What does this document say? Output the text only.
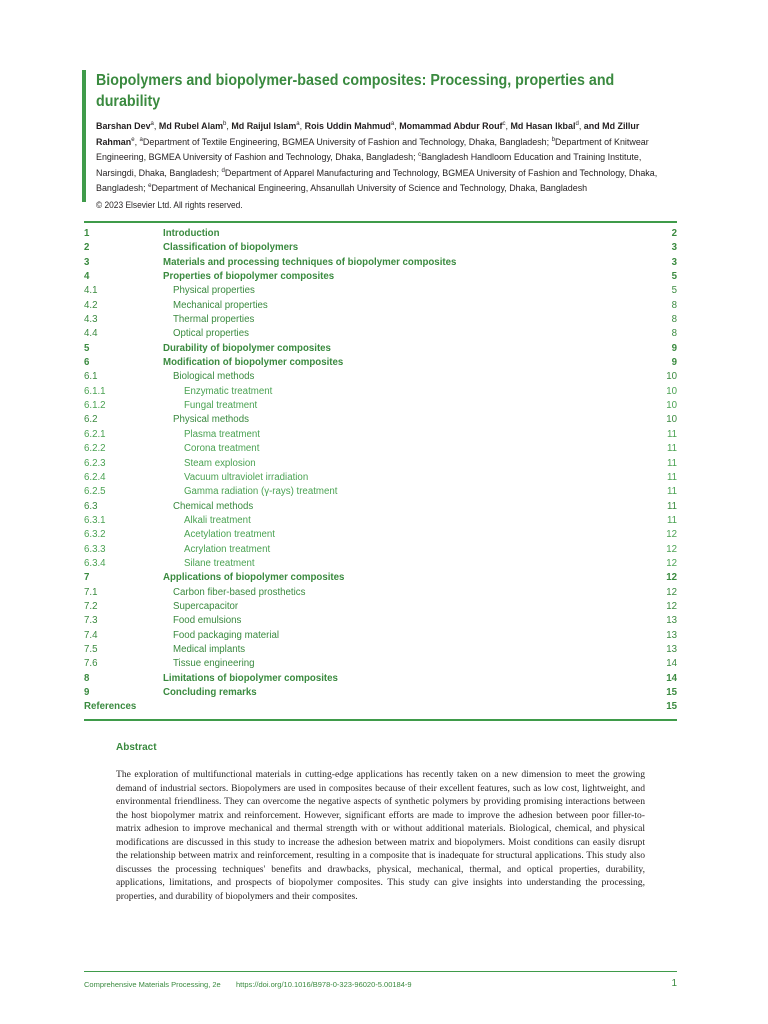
Biopolymers and biopolymer-based composites: Processing, properties and durability
Barshan Dev$^a$, Md Rubel Alam$^b$, Md Raijul Islam$^a$, Rois Uddin Mahmud$^a$, Momammad Abdur Rouf$^c$, Md Hasan Ikbal$^d$, and Md Zillur Rahman$^e$, $^a$Department of Textile Engineering, BGMEA University of Fashion and Technology, Dhaka, Bangladesh; $^b$Department of Knitwear Engineering, BGMEA University of Fashion and Technology, Dhaka, Bangladesh; $^c$Bangladesh Handloom Education and Training Institute, Narsingdi, Dhaka, Bangladesh; $^d$Department of Apparel Manufacturing and Technology, BGMEA University of Fashion and Technology, Dhaka, Bangladesh; $^e$Department of Mechanical Engineering, Ahsanullah University of Science and Technology, Dhaka, Bangladesh
© 2023 Elsevier Ltd. All rights reserved.
1	Introduction	2
2	Classification of biopolymers	3
3	Materials and processing techniques of biopolymer composites	3
4	Properties of biopolymer composites	5
4.1	Physical properties	5
4.2	Mechanical properties	8
4.3	Thermal properties	8
4.4	Optical properties	8
5	Durability of biopolymer composites	9
6	Modification of biopolymer composites	9
6.1	Biological methods	10
6.1.1	Enzymatic treatment	10
6.1.2	Fungal treatment	10
6.2	Physical methods	10
6.2.1	Plasma treatment	11
6.2.2	Corona treatment	11
6.2.3	Steam explosion	11
6.2.4	Vacuum ultraviolet irradiation	11
6.2.5	Gamma radiation (γ-rays) treatment	11
6.3	Chemical methods	11
6.3.1	Alkali treatment	11
6.3.2	Acetylation treatment	12
6.3.3	Acrylation treatment	12
6.3.4	Silane treatment	12
7	Applications of biopolymer composites	12
7.1	Carbon fiber-based prosthetics	12
7.2	Supercapacitor	12
7.3	Food emulsions	13
7.4	Food packaging material	13
7.5	Medical implants	13
7.6	Tissue engineering	14
8	Limitations of biopolymer composites	14
9	Concluding remarks	15
References	15
Abstract
The exploration of multifunctional materials in cutting-edge applications has recently taken on a new dimension to meet the growing demand of industrial sectors. Biopolymers are used in composites because of their excellent features, such as low cost, lightweight, and environmental friendliness. They can overcome the negative aspects of synthetic polymers by providing promising interactions between the host biopolymer matrix and reinforcement. However, significant efforts are made to improve the adhesion between poor filler-to-matrix adhesion to improve mechanical and thermal strength with or without additional materials. Biological, chemical, and physical modifications are discussed in this study to increase the adhesion between matrix and biopolymers. Moist conditions can easily disrupt the relationship between matrix and reinforcement, resulting in a composite that is inadequate for structural applications. This study also discusses the processing techniques' benefits and drawbacks, physical, mechanical, thermal, and optical properties, durability, applications, limitations, and prospects of biopolymer composites. This study can give insights into understanding the processing, properties, and durability of biopolymers and their composites.
Comprehensive Materials Processing, 2e https://doi.org/10.1016/B978-0-323-96020-5.00184-9	1
